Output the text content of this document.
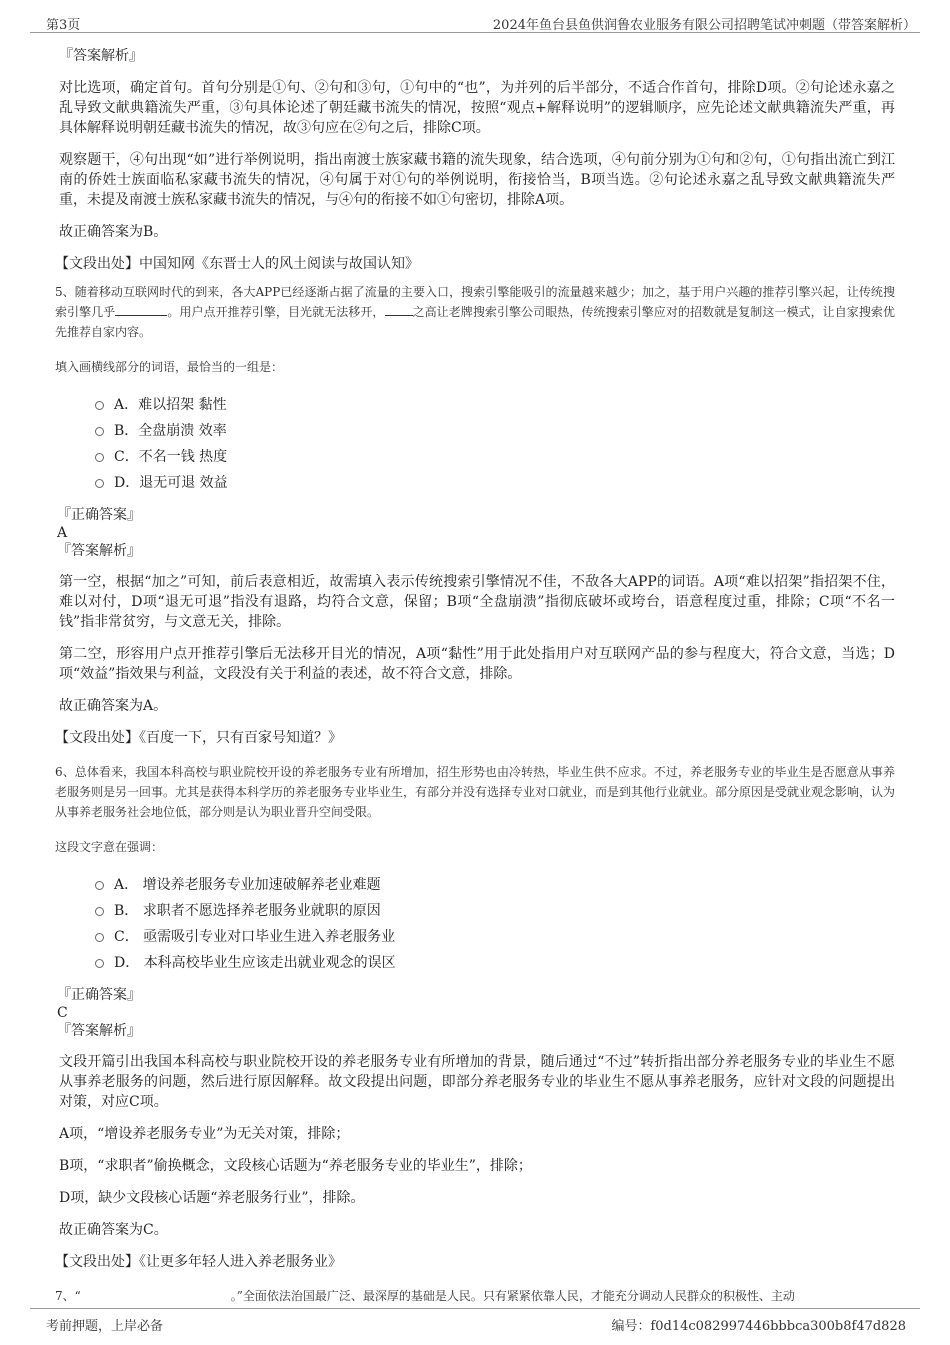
第3页	2024年鱼台县鱼供润鲁农业服务有限公司招聘笔试冲刺题（带答案解析）
『答案解析』
对比选项，确定首句。首句分别是①句、②句和③句，①句中的“也”，为并列的后半部分，不适合作首句，排除D项。②句论述永嘉之乱导致文献典籍流失严重，③句具体论述了朝廷藏书流失的情况，按照“观点+解释说明”的逻辑顺序，应先论述文献典籍流失严重，再具体解释说明朝廷藏书流失的情况，故③句应在②句之后，排除C项。
观察题干，④句出现“如”进行举例说明，指出南渡士族家藏书籍的流失现象，结合选项，④句前分别为①句和②句，①句指出流亡到江南的侨姓士族面临私家藏书流失的情况，④句属于对①句的举例说明，衔接恰当，B项当选。②句论述永嘉之乱导致文献典籍流失严重，未提及南渡士族私家藏书流失的情况，与④句的衔接不如①句密切，排除A项。
故正确答案为B。
【文段出处】中国知网《东晋士人的风土阅读与故国认知》
5、随着移动互联网时代的到来，各大APP已经逐渐占据了流量的主要入口，搜索引擎能吸引的流量越来越少；加之，基于用户兴趣的推荐引擎兴起，让传统搜索引擎几乎	。用户点开推荐引擎，目光就无法移开， 之高让老牌搜索引擎公司眼热，传统搜索引擎应对的招数就是复制这一模式，让自家搜索优先推荐自家内容。
填入画横线部分的词语，最恰当的一组是：
A． 难以招架 黏性
B． 全盘崩溃 效率
C． 不名一钱 热度
D． 退无可退 效益
『正确答案』
A
『答案解析』
第一空，根据“加之”可知，前后表意相近，故需填入表示传统搜索引擎情况不佳，不敌各大APP的词语。A项“难以招架”指招架不住，难以对付，D项“退无可退”指没有退路，均符合文意，保留；B项“全盘崩溃”指彻底破坏或垮台，语意程度过重，排除；C项“不名一钱”指非常贫穷，与文意无关，排除。
第二空，形容用户点开推荐引擎后无法移开目光的情况，A项“黏性”用于此处指用户对互联网产品的参与程度大，符合文意，当选；D项“效益”指效果与利益，文段没有关于利益的表述，故不符合文意，排除。
故正确答案为A。
【文段出处】《百度一下，只有百家号知道？》
6、总体看来，我国本科高校与职业院校开设的养老服务专业有所增加，招生形势也由冷转热，毕业生供不应求。不过，养老服务专业的毕业生是否愿意从事养老服务则是另一回事。尤其是获得本科学历的养老服务专业毕业生，有部分并没有选择专业对口就业，而是到其他行业就业。部分原因是受就业观念影响，认为从事养老服务社会地位低，部分则是认为职业晋升空间受限。
这段文字意在强调：
A．
增设养老服务专业加速破解养老业难题
B．
求职者不愿选择养老服务业就职的原因
C．
亟需吸引专业对口毕业生进入养老服务业
D．
本科高校毕业生应该走出就业观念的误区
『正确答案』
C
『答案解析』
文段开篇引出我国本科高校与职业院校开设的养老服务专业有所增加的背景，随后通过“不过”转折指出部分养老服务专业的毕业生不愿从事养老服务的问题，然后进行原因解释。故文段提出问题，即部分养老服务专业的毕业生不愿从事养老服务，应针对文段的问题提出对策，对应C项。
A项，“增设养老服务专业”为无关对策，排除；
B项，“求职者”偷换概念，文段核心话题为“养老服务专业的毕业生”，排除；
D项，缺少文段核心话题“养老服务行业”，排除。
故正确答案为C。
【文段出处】《让更多年轻人进入养老服务业》
7、“	。”全面依法治国最广泛、最深厚的基础是人民。只有紧紧依靠人民，才能充分调动人民群众的积极性、主动
考前押题，上岸必备	编号：f0d14c082997446bbbca300b8f47d828
